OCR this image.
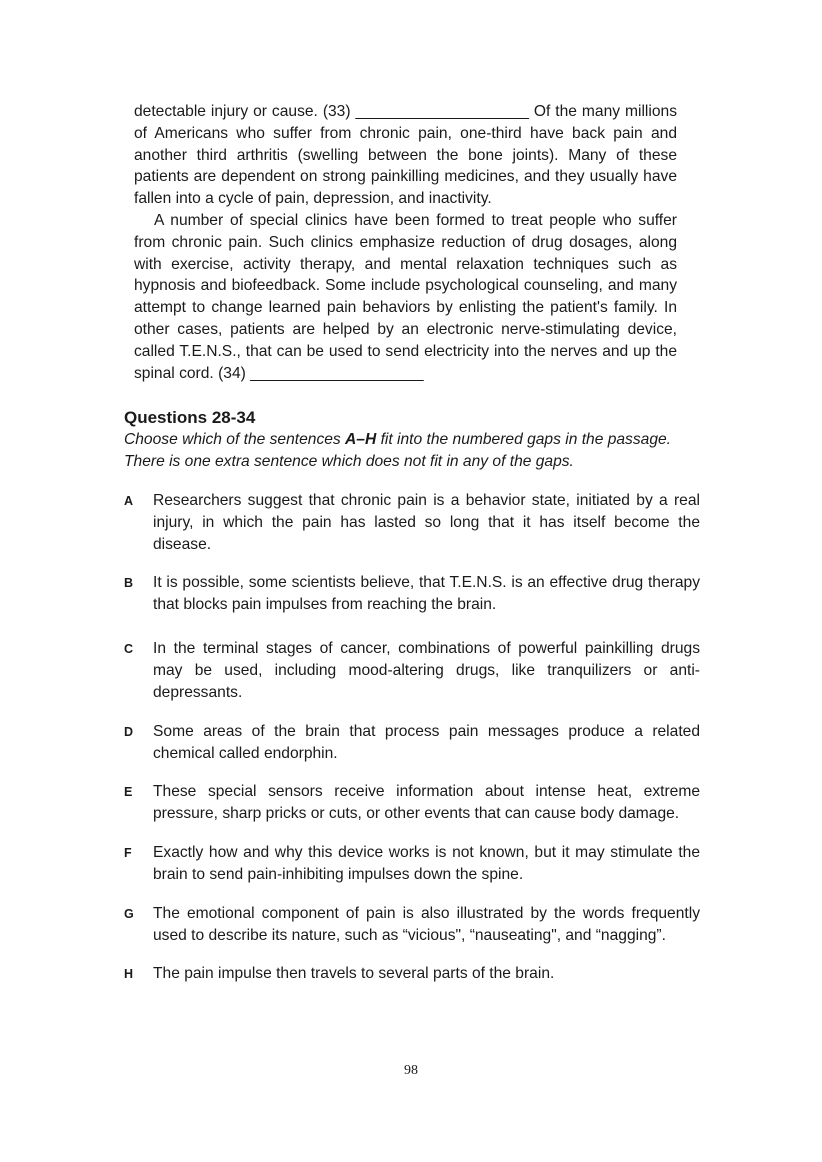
detectable injury or cause. (33) ____________________ Of the many millions of Americans who suffer from chronic pain, one-third have back pain and another third arthritis (swelling between the bone joints). Many of these patients are dependent on strong painkilling medicines, and they usually have fallen into a cycle of pain, depression, and inactivity.

A number of special clinics have been formed to treat people who suffer from chronic pain. Such clinics emphasize reduction of drug dosages, along with exercise, activity therapy, and mental relaxation techniques such as hypnosis and biofeedback. Some include psychological counseling, and many attempt to change learned pain behaviors by enlisting the patient's family. In other cases, patients are helped by an electronic nerve-stimulating device, called T.E.N.S., that can be used to send electricity into the nerves and up the spinal cord. (34) ____________________

Questions 28-34

Choose which of the sentences A–H fit into the numbered gaps in the passage. There is one extra sentence which does not fit in any of the gaps.

A Researchers suggest that chronic pain is a behavior state, initiated by a real injury, in which the pain has lasted so long that it has itself become the disease.
B It is possible, some scientists believe, that T.E.N.S. is an effective drug therapy that blocks pain impulses from reaching the brain.
C In the terminal stages of cancer, combinations of powerful painkilling drugs may be used, including mood-altering drugs, like tranquilizers or anti-depressants.
D Some areas of the brain that process pain messages produce a related chemical called endorphin.
E These special sensors receive information about intense heat, extreme pressure, sharp pricks or cuts, or other events that can cause body damage.
F Exactly how and why this device works is not known, but it may stimulate the brain to send pain-inhibiting impulses down the spine.
G The emotional component of pain is also illustrated by the words frequently used to describe its nature, such as “vicious", “nauseating", and “nagging”.
H The pain impulse then travels to several parts of the brain.
98
